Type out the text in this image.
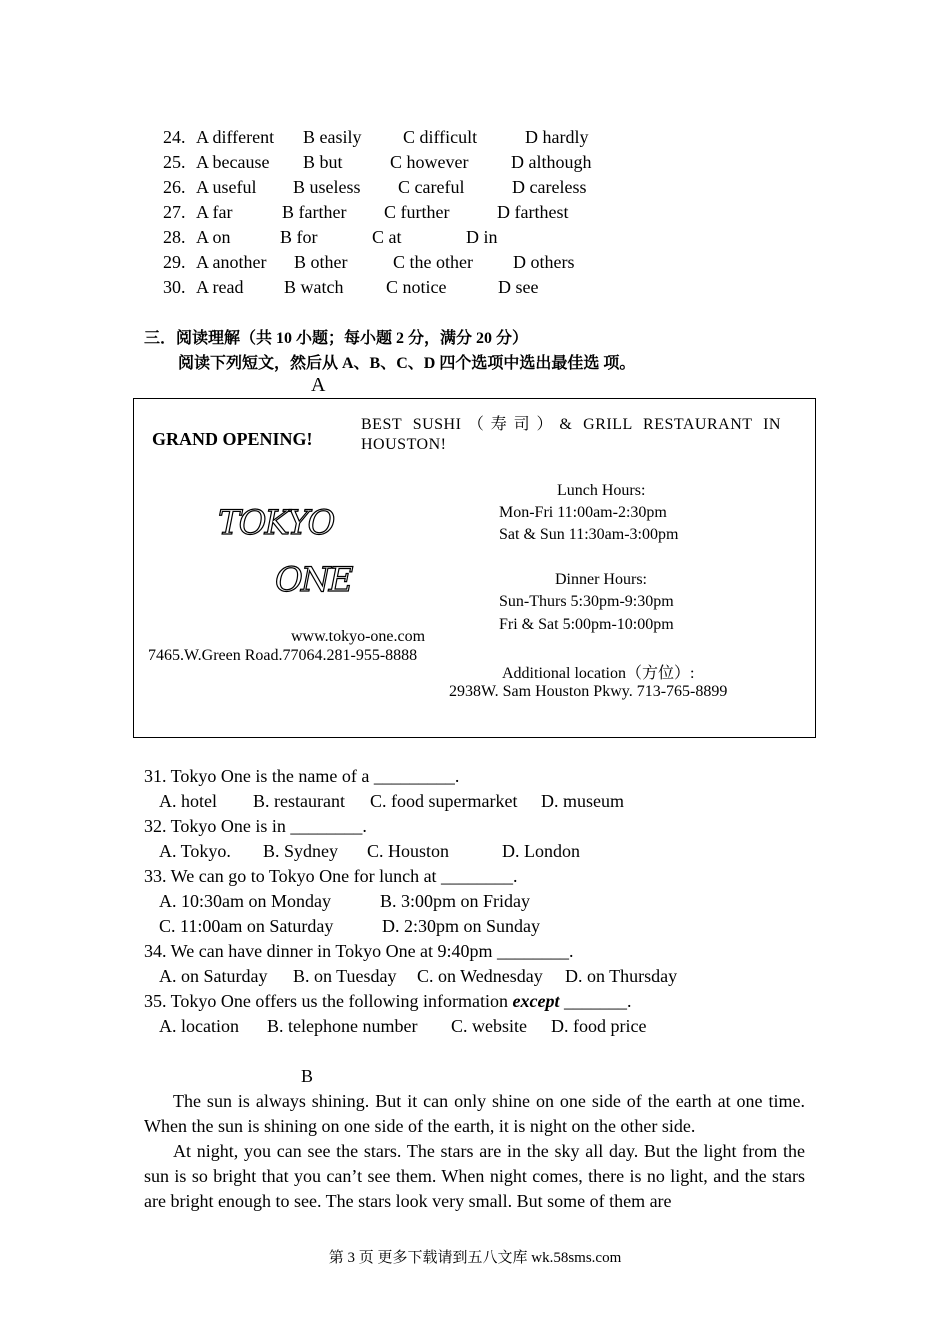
24. A different B easily C difficult	D hardly
25. A because B but	C however D although
26. A useful B useless C careful	D careless
27. A far	B farther C further	D farthest
28. A on	B for	C at	D in
29. A another B other	C the other D others
30. A read B watch C notice	D see
三．阅读理解（共 10 小题；每小题 2 分，满分 20 分）
阅读下列短文，然后从 A、B、C、D 四个选项中选出最佳选 项。
A
GRAND OPENING!
BEST SUSHI（寿司）& GRILL RESTAURANT IN HOUSTON!
TOKYO
ONE
www.tokyo-one.com
7465.W.Green Road.77064.281-955-8888
Lunch Hours:
Mon-Fri 11:00am-2:30pm
Sat & Sun 11:30am-3:00pm
Dinner Hours:
Sun-Thurs 5:30pm-9:30pm
Fri & Sat 5:00pm-10:00pm
Additional location（方位）:
2938W. Sam Houston Pkwy. 713-765-8899
31. Tokyo One is the name of a _________.
A. hotel B. restaurant C. food supermarket D. museum
32. Tokyo One is in ________.
A. Tokyo. B. Sydney C. Houston	D. London
33. We can go to Tokyo One for lunch at ________.
A. 10:30am on Monday	B. 3:00pm on Friday
C. 11:00am on Saturday	D. 2:30pm on Sunday
34. We can have dinner in Tokyo One at 9:40pm ________.
A. on Saturday B. on Tuesday C. on Wednesday D. on Thursday
35. Tokyo One offers us the following information except _______.
A. location B. telephone number C. website D. food price
B
The sun is always shining. But it can only shine on one side of the earth at one time. When the sun is shining on one side of the earth, it is night on the other side.
At night, you can see the stars. The stars are in the sky all day. But the light from the sun is so bright that you can’t see them. When night comes, there is no light, and the stars are bright enough to see. The stars look very small. But some of them are
第 3 页 更多下载请到五八文库 wk.58sms.com
